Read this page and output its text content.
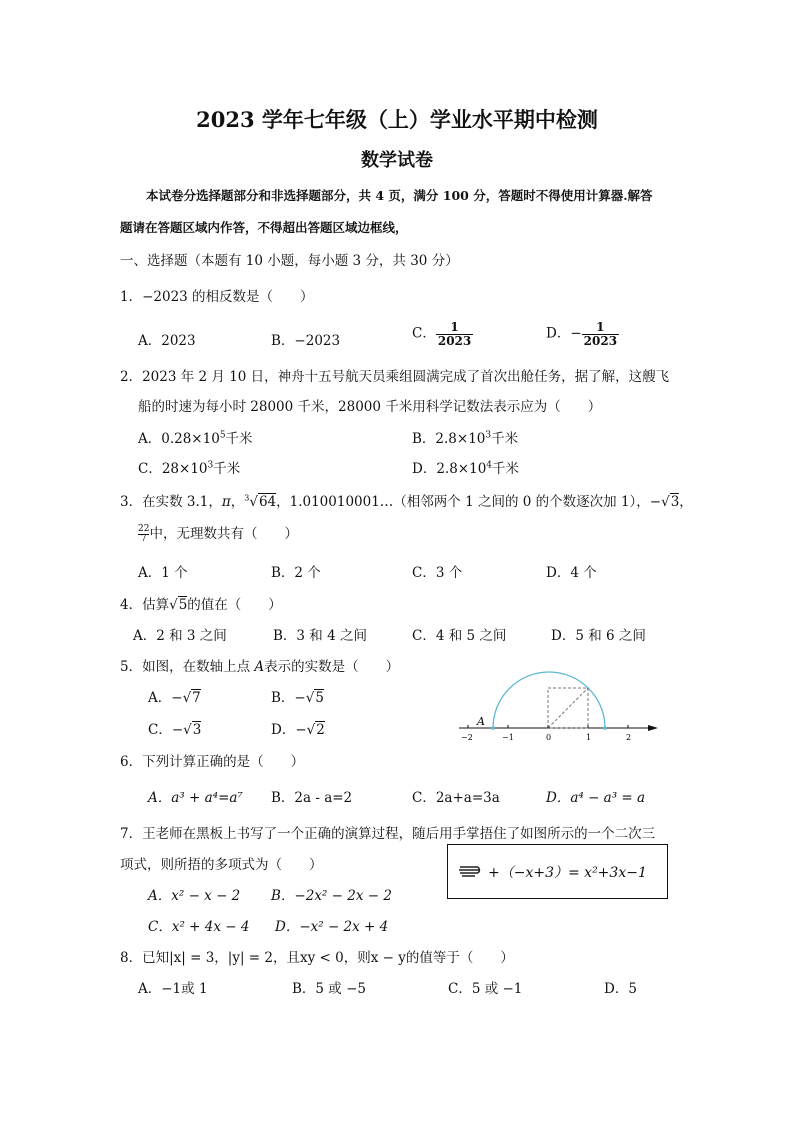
2023 学年七年级（上）学业水平期中检测
数学试卷
本试卷分选择题部分和非选择题部分，共 4 页，满分 100 分，答题时不得使用计算器.解答
题请在答题区域内作答，不得超出答题区域边框线，
一、选择题（本题有 10 小题，每小题 3 分，共 30 分）
1．−2023 的相反数是（　　）
A．2023	B．−2023	C． $\frac{1}{2023}$	D．− $\frac{1}{2023}$
2．2023 年 2 月 10 日，神舟十五号航天员乘组圆满完成了首次出舱任务，据了解，这艘飞
船的时速为每小时 28000 千米，28000 千米用科学记数法表示应为（　　）
A．$0.28\times 10^5$千米	B．$2.8\times 10^3$千米
C．$28\times 10^3$千米	D．$2.8\times 10^4$千米
3．在实数 3.1，π，$^3$√64，1.010010001…（相邻两个 1 之间的 0 的个数逐次加 1），−√3，
$\frac{22}{7}$中，无理数共有（　　）
A．1 个	B．2 个	C．3 个	D．4 个
4．估算√5的值在（　　）
A．2 和 3 之间	B．3 和 4 之间	C．4 和 5 之间	D．5 和 6 之间
5．如图，在数轴上点 A表示的实数是（　　）
A．−√7	B．−√5
C．−√3	D．−√2
A
−2	−1	0	1	2
6．下列计算正确的是（　　）
A．a³ + a⁴=a⁷ B．2a - a=2	C．2a+a=3a	D．a⁴ − a³ = a
7．王老师在黑板上书写了一个正确的演算过程，随后用手掌捂住了如图所示的一个二次三
项式，则所捂的多项式为（　　）	+（−x+3）= x²+3x−1
A．x² − x − 2 B．−2x² − 2x − 2
C．x² + 4x − 4 D．−x² − 2x + 4
8．已知|x| = 3，|y| = 2，且xy < 0，则x − y的值等于（　　）
A．−1或 1	B．5 或 −5	C．5 或 −1	D．5
